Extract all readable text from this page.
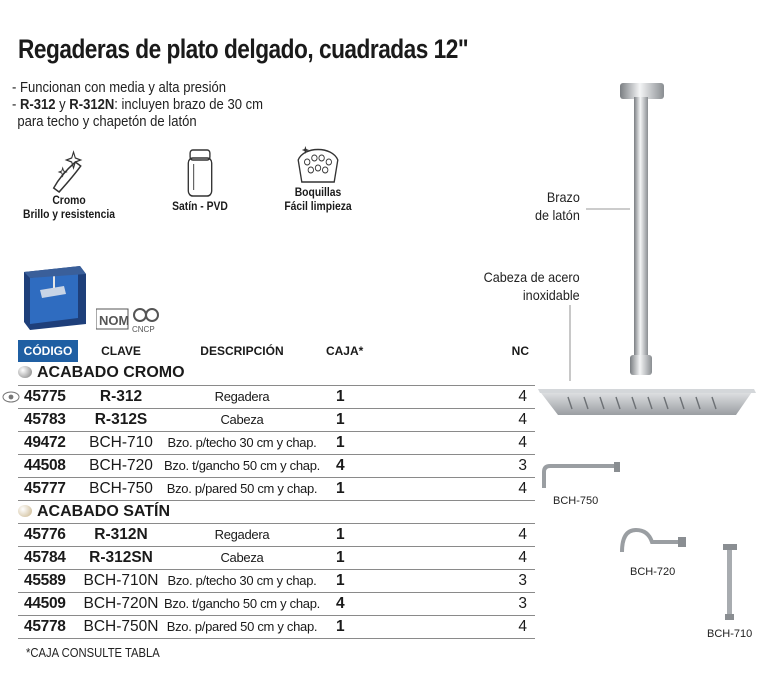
Regaderas de plato delgado, cuadradas 12"
- Funcionan con media y alta presión
- R-312 y R-312N: incluyen brazo de 30 cm
para techo y chapetón de latón
Cromo
Brillo y resistencia
Satín - PVD
Boquillas
Fácil limpieza
NOM
CNCP
Brazo
de latón
Cabeza de acero
inoxidable
BCH-750
BCH-720
BCH-710
CÓDIGO	CLAVE	DESCRIPCIÓN	CAJA*	NC
ACABADO CROMO				
45775	R-312	Regadera	1	4
45783	R-312S	Cabeza	1	4
49472	BCH-710	Bzo. p/techo 30 cm y chap.	1	4
44508	BCH-720	Bzo. t/gancho 50 cm y chap.	4	3
45777	BCH-750	Bzo. p/pared 50 cm y chap.	1	4
ACABADO SATÍN				
45776	R-312N	Regadera	1	4
45784	R-312SN	Cabeza	1	4
45589	BCH-710N	Bzo. p/techo 30 cm y chap.	1	3
44509	BCH-720N	Bzo. t/gancho 50 cm y chap.	4	3
45778	BCH-750N	Bzo. p/pared 50 cm y chap.	1	4
*CAJA CONSULTE TABLA
